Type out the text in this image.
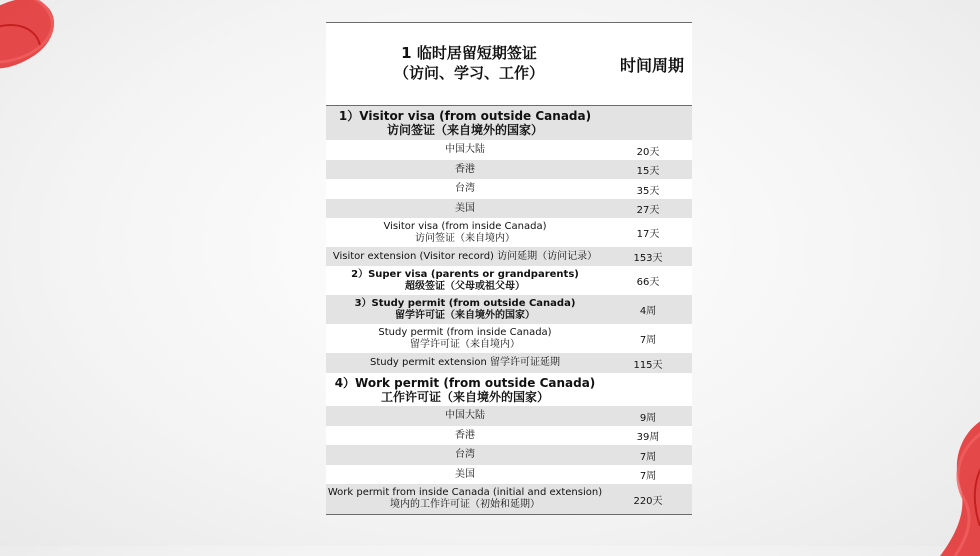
1 临时居留短期签证
（访问、学习、工作）	时间周期
1）Visitor visa (from outside Canada)
访问签证（来自境外的国家）
中国大陆	20天
香港	15天
台湾	35天
美国	27天
Visitor visa (from inside Canada)
访问签证（来自境内）	17天
Visitor extension (Visitor record) 访问延期（访问记录）	153天
2）Super visa (parents or grandparents)
超级签证（父母或祖父母）	66天
3）Study permit (from outside Canada)
留学许可证（来自境外的国家）	4周
Study permit (from inside Canada)
留学许可证（来自境内）	7周
Study permit extension 留学许可证延期	115天
4）Work permit (from outside Canada)
工作许可证（来自境外的国家）
中国大陆	9周
香港	39周
台湾	7周
美国	7周
Work permit from inside Canada (initial and extension)
境内的工作许可证（初始和延期）	220天
